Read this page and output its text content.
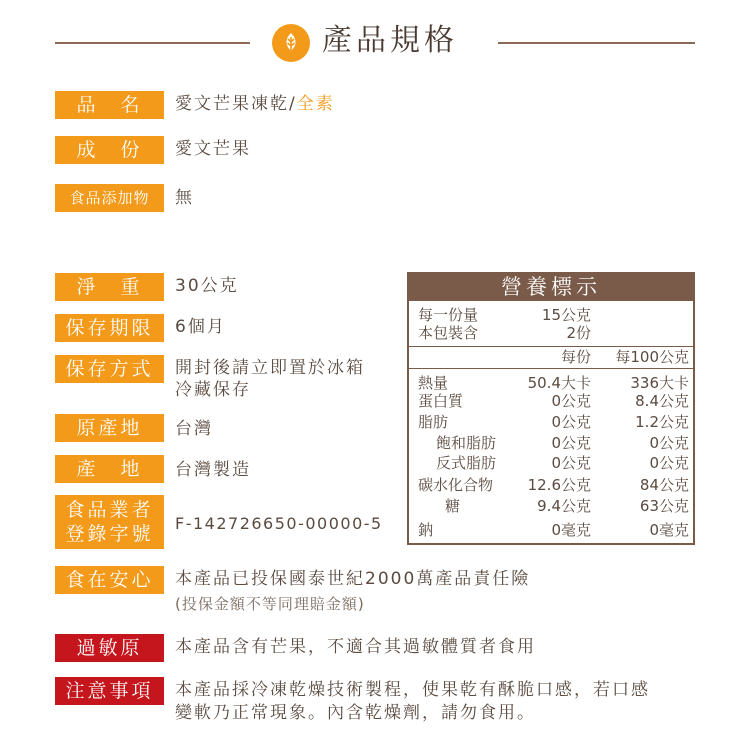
產品規格
品　名	愛文芒果凍乾/全素
成　份	愛文芒果
食品添加物	無
淨　重	30公克
保存期限	6個月
保存方式	開封後請立即置於冰箱
冷藏保存
原產地	台灣
產　地	台灣製造
食品業者
登錄字號 F-142726650-00000-5
食在安心	本產品已投保國泰世紀2000萬產品責任險
(投保金額不等同理賠金額)
過敏原	本產品含有芒果，不適合其過敏體質者食用
注意事項	本產品採冷凍乾燥技術製程，使果乾有酥脆口感，若口感
變軟乃正常現象。內含乾燥劑，請勿食用。
營養標示
每一份量	15公克
本包裝含	2份
每份	每100公克
熱量	50.4大卡	336大卡
蛋白質	0公克	8.4公克
脂肪	0公克	1.2公克
飽和脂肪	0公克	0公克
反式脂肪	0公克	0公克
碳水化合物	12.6公克	84公克
糖	9.4公克	63公克
鈉	0毫克	0毫克
